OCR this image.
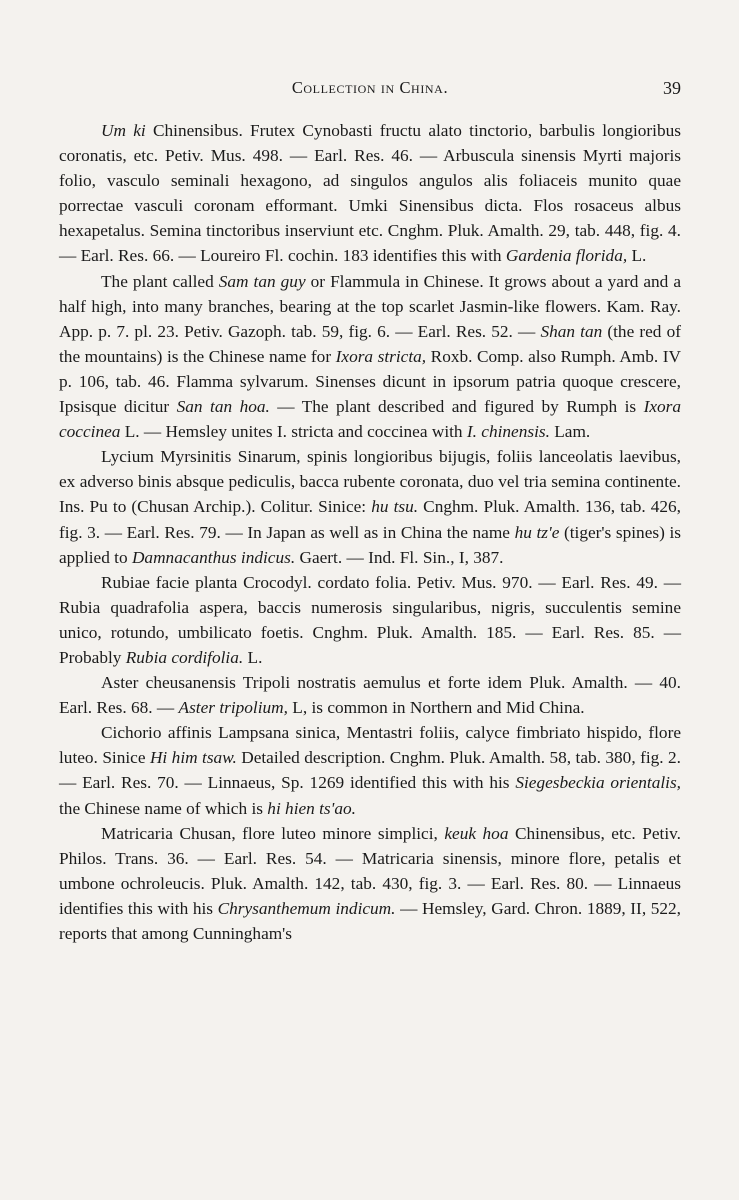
Collection in China.	39

Um ki Chinensibus. Frutex Cynobasti fructu alato tinctorio, barbulis longioribus coronatis, etc. Petiv. Mus. 498. — Earl. Res. 46. — Arbuscula sinensis Myrti majoris folio, vasculo seminali hexagono, ad singulos angulos alis foliaceis munito quae porrectae vasculi coronam efformant. Umki Sinensibus dicta. Flos rosaceus albus hexapetalus. Semina tinctoribus inserviunt etc. Cnghm. Pluk. Amalth. 29, tab. 448, fig. 4. — Earl. Res. 66. — Loureiro Fl. cochin. 183 identifies this with Gardenia florida, L.

The plant called Sam tan guy or Flammula in Chinese. It grows about a yard and a half high, into many branches, bearing at the top scarlet Jasmin-like flowers. Kam. Ray. App. p. 7. pl. 23. Petiv. Gazoph. tab. 59, fig. 6. — Earl. Res. 52. — Shan tan (the red of the mountains) is the Chinese name for Ixora stricta, Roxb. Comp. also Rumph. Amb. IV p. 106, tab. 46. Flamma sylvarum. Sinenses dicunt in ipsorum patria quoque crescere, Ipsisque dicitur San tan hoa. — The plant described and figured by Rumph is Ixora coccinea L. — Hemsley unites I. stricta and coccinea with I. chinensis. Lam.

Lycium Myrsinitis Sinarum, spinis longioribus bijugis, foliis lanceolatis laevibus, ex adverso binis absque pediculis, bacca rubente coronata, duo vel tria semina continente. Ins. Pu to (Chusan Archip.). Colitur. Sinice: hu tsu. Cnghm. Pluk. Amalth. 136, tab. 426, fig. 3. — Earl. Res. 79. — In Japan as well as in China the name hu tz'e (tiger's spines) is applied to Damnacanthus indicus. Gaert. — Ind. Fl. Sin., I, 387.

Rubiae facie planta Crocodyl. cordato folia. Petiv. Mus. 970. — Earl. Res. 49. — Rubia quadrafolia aspera, baccis numerosis singularibus, nigris, succulentis semine unico, rotundo, umbilicato foetis. Cnghm. Pluk. Amalth. 185. — Earl. Res. 85. — Probably Rubia cordifolia. L.

Aster cheusanensis Tripoli nostratis aemulus et forte idem Pluk. Amalth. — 40. Earl. Res. 68. — Aster tripolium, L, is common in Northern and Mid China.

Cichorio affinis Lampsana sinica, Mentastri foliis, calyce fimbriato hispido, flore luteo. Sinice Hi him tsaw. Detailed description. Cnghm. Pluk. Amalth. 58, tab. 380, fig. 2. — Earl. Res. 70. — Linnaeus, Sp. 1269 identified this with his Siegesbeckia orientalis, the Chinese name of which is hi hien ts'ao.

Matricaria Chusan, flore luteo minore simplici, keuk hoa Chinensibus, etc. Petiv. Philos. Trans. 36. — Earl. Res. 54. — Matricaria sinensis, minore flore, petalis et umbone ochroleucis. Pluk. Amalth. 142, tab. 430, fig. 3. — Earl. Res. 80. — Linnaeus identifies this with his Chrysanthemum indicum. — Hemsley, Gard. Chron. 1889, II, 522, reports that among Cunningham's
